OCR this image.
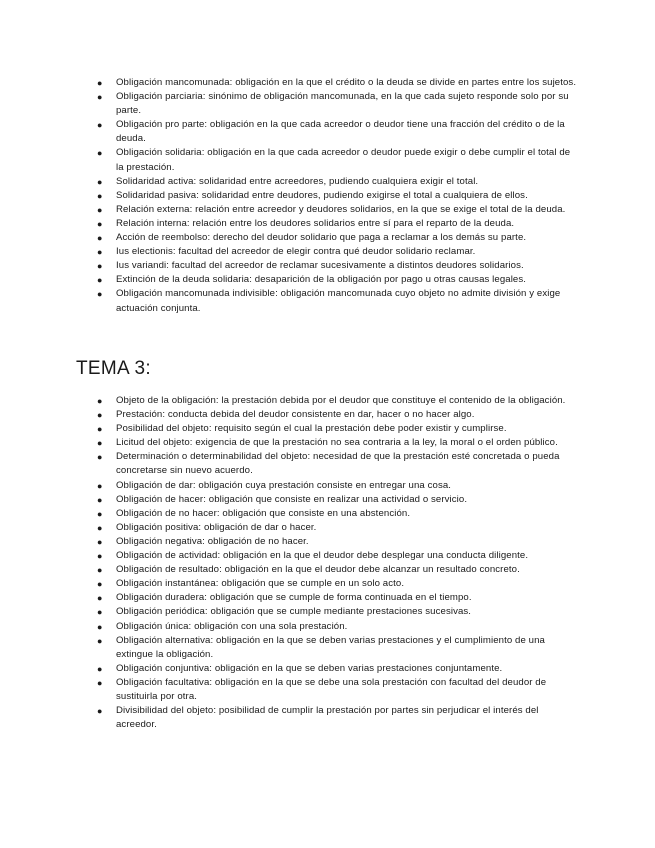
● Obligación mancomunada: obligación en la que el crédito o la deuda se divide en partes entre los sujetos.
● Obligación parciaria: sinónimo de obligación mancomunada, en la que cada sujeto responde solo por su parte.
● Obligación pro parte: obligación en la que cada acreedor o deudor tiene una fracción del crédito o de la deuda.
● Obligación solidaria: obligación en la que cada acreedor o deudor puede exigir o debe cumplir el total de la prestación.
● Solidaridad activa: solidaridad entre acreedores, pudiendo cualquiera exigir el total.
● Solidaridad pasiva: solidaridad entre deudores, pudiendo exigirse el total a cualquiera de ellos.
● Relación externa: relación entre acreedor y deudores solidarios, en la que se exige el total de la deuda.
● Relación interna: relación entre los deudores solidarios entre sí para el reparto de la deuda.
● Acción de reembolso: derecho del deudor solidario que paga a reclamar a los demás su parte.
● Ius electionis: facultad del acreedor de elegir contra qué deudor solidario reclamar.
● Ius variandi: facultad del acreedor de reclamar sucesivamente a distintos deudores solidarios.
● Extinción de la deuda solidaria: desaparición de la obligación por pago u otras causas legales.
● Obligación mancomunada indivisible: obligación mancomunada cuyo objeto no admite división y exige actuación conjunta.
TEMA 3:
● Objeto de la obligación: la prestación debida por el deudor que constituye el contenido de la obligación.
● Prestación: conducta debida del deudor consistente en dar, hacer o no hacer algo.
● Posibilidad del objeto: requisito según el cual la prestación debe poder existir y cumplirse.
● Licitud del objeto: exigencia de que la prestación no sea contraria a la ley, la moral o el orden público.
● Determinación o determinabilidad del objeto: necesidad de que la prestación esté concretada o pueda concretarse sin nuevo acuerdo.
● Obligación de dar: obligación cuya prestación consiste en entregar una cosa.
● Obligación de hacer: obligación que consiste en realizar una actividad o servicio.
● Obligación de no hacer: obligación que consiste en una abstención.
● Obligación positiva: obligación de dar o hacer.
● Obligación negativa: obligación de no hacer.
● Obligación de actividad: obligación en la que el deudor debe desplegar una conducta diligente.
● Obligación de resultado: obligación en la que el deudor debe alcanzar un resultado concreto.
● Obligación instantánea: obligación que se cumple en un solo acto.
● Obligación duradera: obligación que se cumple de forma continuada en el tiempo.
● Obligación periódica: obligación que se cumple mediante prestaciones sucesivas.
● Obligación única: obligación con una sola prestación.
● Obligación alternativa: obligación en la que se deben varias prestaciones y el cumplimiento de una extingue la obligación.
● Obligación conjuntiva: obligación en la que se deben varias prestaciones conjuntamente.
● Obligación facultativa: obligación en la que se debe una sola prestación con facultad del deudor de sustituirla por otra.
● Divisibilidad del objeto: posibilidad de cumplir la prestación por partes sin perjudicar el interés del acreedor.
